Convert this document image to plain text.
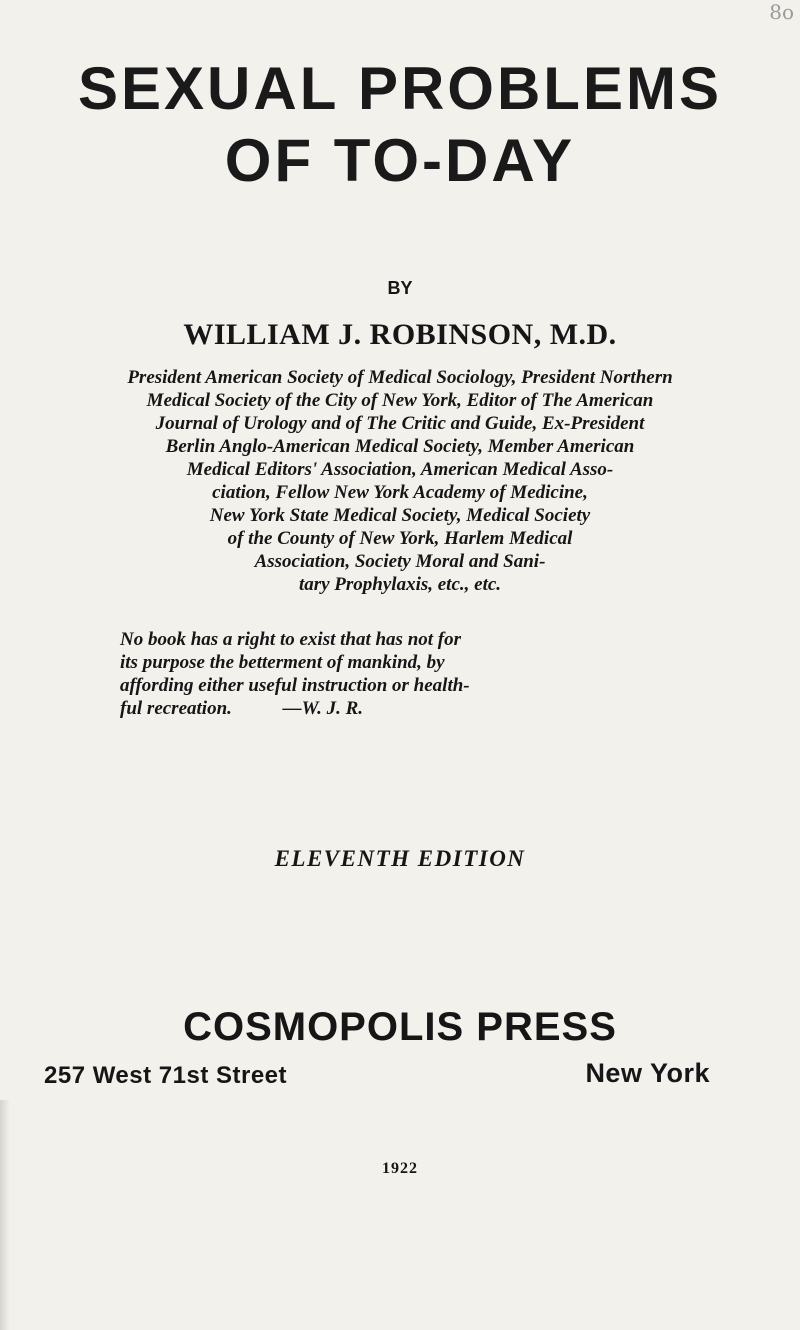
8o
SEXUAL PROBLEMS
OF TO-DAY
BY
WILLIAM J. ROBINSON, M.D.
President American Society of Medical Sociology, President Northern
Medical Society of the City of New York, Editor of The American
Journal of Urology and of The Critic and Guide, Ex-President
Berlin Anglo-American Medical Society, Member American
Medical Editors' Association, American Medical Asso-
ciation, Fellow New York Academy of Medicine,
New York State Medical Society, Medical Society
of the County of New York, Harlem Medical
Association, Society Moral and Sani-
tary Prophylaxis, etc., etc.
No book has a right to exist that has not for
its purpose the betterment of mankind, by
affording either useful instruction or health-
ful recreation.	—W. J. R.
ELEVENTH EDITION
COSMOPOLIS PRESS
257 West 71st Street	New York
1922
